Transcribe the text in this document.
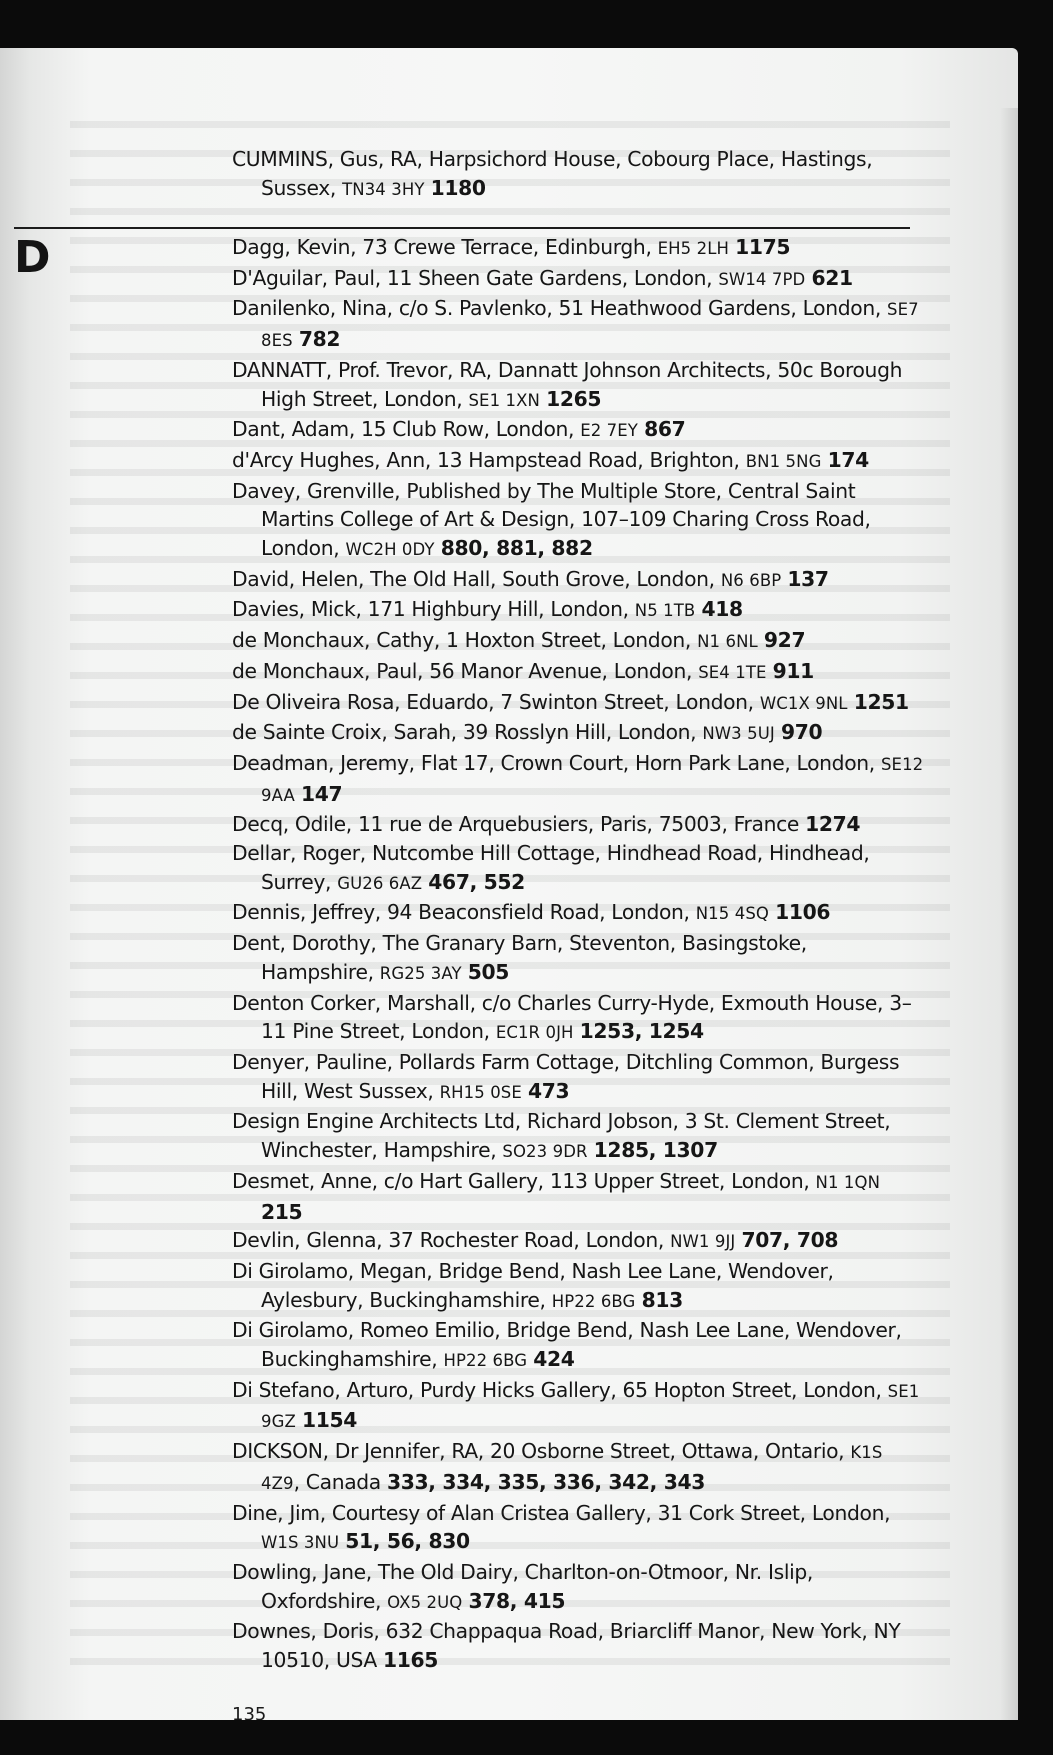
CUMMINS, Gus, RA, Harpsichord House, Cobourg Place, Hastings, Sussex, TN34 3HY 1180
D	Dagg, Kevin, 73 Crewe Terrace, Edinburgh, EH5 2LH 1175
D'Aguilar, Paul, 11 Sheen Gate Gardens, London, SW14 7PD 621
Danilenko, Nina, c/o S. Pavlenko, 51 Heathwood Gardens, London, SE7 8ES 782
DANNATT, Prof. Trevor, RA, Dannatt Johnson Architects, 50c Borough High Street, London, SE1 1XN 1265
Dant, Adam, 15 Club Row, London, E2 7EY 867
d'Arcy Hughes, Ann, 13 Hampstead Road, Brighton, BN1 5NG 174
Davey, Grenville, Published by The Multiple Store, Central Saint Martins College of Art & Design, 107–109 Charing Cross Road, London, WC2H 0DY 880, 881, 882
David, Helen, The Old Hall, South Grove, London, N6 6BP 137
Davies, Mick, 171 Highbury Hill, London, N5 1TB 418
de Monchaux, Cathy, 1 Hoxton Street, London, N1 6NL 927
de Monchaux, Paul, 56 Manor Avenue, London, SE4 1TE 911
De Oliveira Rosa, Eduardo, 7 Swinton Street, London, WC1X 9NL 1251
de Sainte Croix, Sarah, 39 Rosslyn Hill, London, NW3 5UJ 970
Deadman, Jeremy, Flat 17, Crown Court, Horn Park Lane, London, SE12 9AA 147
Decq, Odile, 11 rue de Arquebusiers, Paris, 75003, France 1274
Dellar, Roger, Nutcombe Hill Cottage, Hindhead Road, Hindhead, Surrey, GU26 6AZ 467, 552
Dennis, Jeffrey, 94 Beaconsfield Road, London, N15 4SQ 1106
Dent, Dorothy, The Granary Barn, Steventon, Basingstoke, Hampshire, RG25 3AY 505
Denton Corker, Marshall, c/o Charles Curry-Hyde, Exmouth House, 3–11 Pine Street, London, EC1R 0JH 1253, 1254
Denyer, Pauline, Pollards Farm Cottage, Ditchling Common, Burgess Hill, West Sussex, RH15 0SE 473
Design Engine Architects Ltd, Richard Jobson, 3 St. Clement Street, Winchester, Hampshire, SO23 9DR 1285, 1307
Desmet, Anne, c/o Hart Gallery, 113 Upper Street, London, N1 1QN 215
Devlin, Glenna, 37 Rochester Road, London, NW1 9JJ 707, 708
Di Girolamo, Megan, Bridge Bend, Nash Lee Lane, Wendover, Aylesbury, Buckinghamshire, HP22 6BG 813
Di Girolamo, Romeo Emilio, Bridge Bend, Nash Lee Lane, Wendover, Buckinghamshire, HP22 6BG 424
Di Stefano, Arturo, Purdy Hicks Gallery, 65 Hopton Street, London, SE1 9GZ 1154
DICKSON, Dr Jennifer, RA, 20 Osborne Street, Ottawa, Ontario, K1S 4Z9, Canada 333, 334, 335, 336, 342, 343
Dine, Jim, Courtesy of Alan Cristea Gallery, 31 Cork Street, London, W1S 3NU 51, 56, 830
Dowling, Jane, The Old Dairy, Charlton-on-Otmoor, Nr. Islip, Oxfordshire, OX5 2UQ 378, 415
Downes, Doris, 632 Chappaqua Road, Briarcliff Manor, New York, NY 10510, USA 1165
135
